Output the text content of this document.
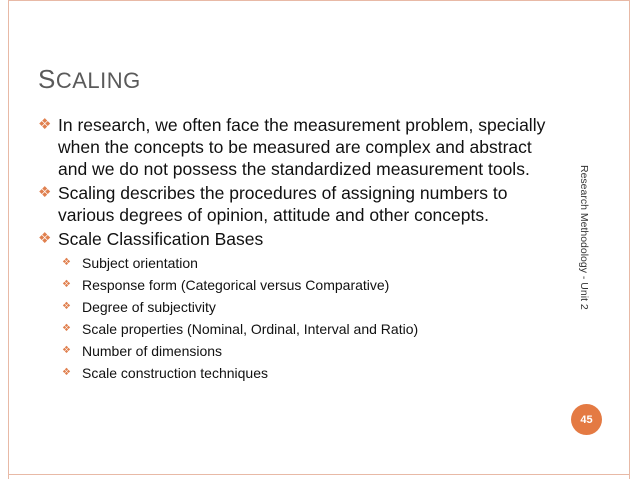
SCALING
❖ In research, we often face the measurement problem, specially when the concepts to be measured are complex and abstract and we do not possess the standardized measurement tools.
❖ Scaling describes the procedures of assigning numbers to various degrees of opinion, attitude and other concepts.
❖ Scale Classification Bases
❖ Subject orientation
❖ Response form (Categorical versus Comparative)
❖ Degree of subjectivity
❖ Scale properties (Nominal, Ordinal, Interval and Ratio)
❖ Number of dimensions
❖ Scale construction techniques
Research Methodology - Unit 2
45
